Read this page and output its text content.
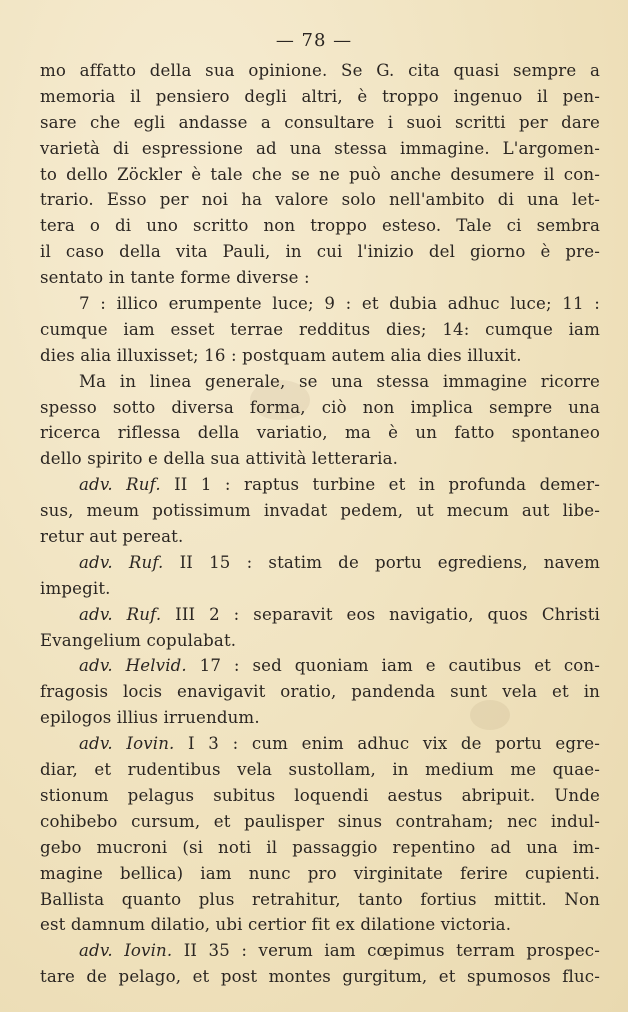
— 78 —
mo affatto della sua opinione. Se G. cita quasi sempre a
memoria il pensiero degli altri, è troppo ingenuo il pen-
sare che egli andasse a consultare i suoi scritti per dare
varietà di espressione ad una stessa immagine. L'argomen-
to dello Zöckler è tale che se ne può anche desumere il con-
trario. Esso per noi ha valore solo nell'ambito di una let-
tera o di uno scritto non troppo esteso. Tale ci sembra
il caso della vita Pauli, in cui l'inizio del giorno è pre-
sentato in tante forme diverse :
7 : illico erumpente luce; 9 : et dubia adhuc luce; 11 :
cumque iam esset terrae redditus dies; 14: cumque iam
dies alia illuxisset; 16 : postquam autem alia dies illuxit.
Ma in linea generale, se una stessa immagine ricorre
spesso sotto diversa forma, ciò non implica sempre una
ricerca riflessa della variatio, ma è un fatto spontaneo
dello spirito e della sua attività letteraria.
adv. Ruf. II 1 : raptus turbine et in profunda demer-
sus, meum potissimum invadat pedem, ut mecum aut libe-
retur aut pereat.
adv. Ruf. II 15 : statim de portu egrediens, navem
impegit.
adv. Ruf. III 2 : separavit eos navigatio, quos Christi
Evangelium copulabat.
adv. Helvid. 17 : sed quoniam iam e cautibus et con-
fragosis locis enavigavit oratio, pandenda sunt vela et in
epilogos illius irruendum.
adv. Iovin. I 3 : cum enim adhuc vix de portu egre-
diar, et rudentibus vela sustollam, in medium me quae-
stionum pelagus subitus loquendi aestus abripuit. Unde
cohibebo cursum, et paulisper sinus contraham; nec indul-
gebo mucroni (si noti il passaggio repentino ad una im-
magine bellica) iam nunc pro virginitate ferire cupienti.
Ballista quanto plus retrahitur, tanto fortius mittit. Non
est damnum dilatio, ubi certior fit ex dilatione victoria.
adv. Iovin. II 35 : verum iam cœpimus terram prospec-
tare de pelago, et post montes gurgitum, et spumosos fluc-
